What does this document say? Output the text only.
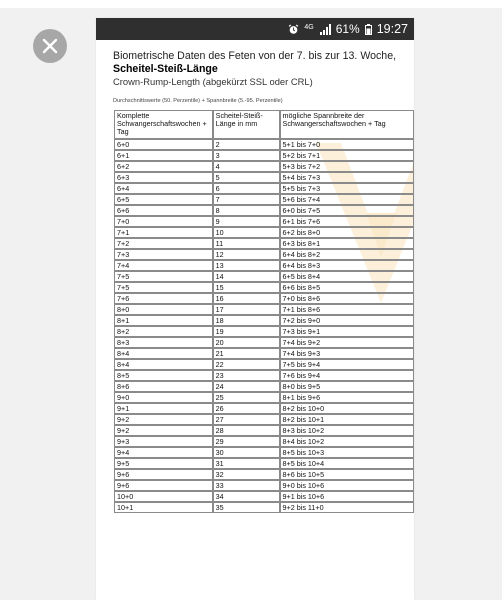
4G 61% 19:27
Biometrische Daten des Feten von der 7. bis zur 13. Woche,
Scheitel-Steiß-Länge
Crown-Rump-Length (abgekürzt SSL oder CRL)
Durchschnittswerte (50. Perzentile) + Spannbreite (5.-95. Perzentile)
Komplette Schwangerschaftswochen + Tag	Scheitel-Steiß-Länge in mm	mögliche Spannbreite der Schwangerschaftswochen + Tag
6+0	2	5+1 bis 7+0
6+1	3	5+2 bis 7+1
6+2	4	5+3 bis 7+2
6+3	5	5+4 bis 7+3
6+4	6	5+5 bis 7+3
6+5	7	5+6 bis 7+4
6+6	8	6+0 bis 7+5
7+0	9	6+1 bis 7+6
7+1	10	6+2 bis 8+0
7+2	11	6+3 bis 8+1
7+3	12	6+4 bis 8+2
7+4	13	6+4 bis 8+3
7+5	14	6+5 bis 8+4
7+5	15	6+6 bis 8+5
7+6	16	7+0 bis 8+6
8+0	17	7+1 bis 8+6
8+1	18	7+2 bis 9+0
8+2	19	7+3 bis 9+1
8+3	20	7+4 bis 9+2
8+4	21	7+4 bis 9+3
8+4	22	7+5 bis 9+4
8+5	23	7+6 bis 9+4
8+6	24	8+0 bis 9+5
9+0	25	8+1 bis 9+6
9+1	26	8+2 bis 10+0
9+2	27	8+2 bis 10+1
9+2	28	8+3 bis 10+2
9+3	29	8+4 bis 10+2
9+4	30	8+5 bis 10+3
9+5	31	8+5 bis 10+4
9+6	32	8+6 bis 10+5
9+6	33	9+0 bis 10+6
10+0	34	9+1 bis 10+6
10+1	35	9+2 bis 11+0
